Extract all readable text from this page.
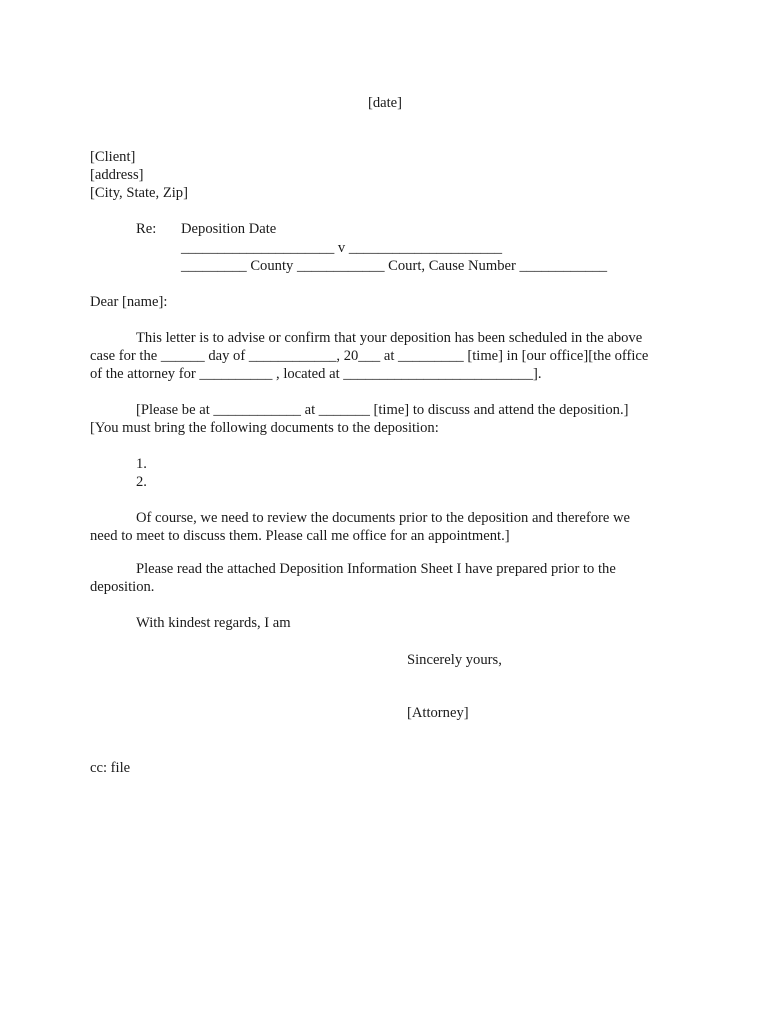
[date]
[Client]
[address]
[City, State, Zip]
Re: Deposition Date
_____________________ v _____________________
_________ County ____________ Court, Cause Number ____________
Dear [name]:
This letter is to advise or confirm that your deposition has been scheduled in the above
case for the ______ day of ____________, 20___ at _________ [time] in [our office][the office
of the attorney for __________ , located at __________________________].
[Please be at ____________ at _______ [time] to discuss and attend the deposition.]
[You must bring the following documents to the deposition:
1.
2.
Of course, we need to review the documents prior to the deposition and therefore we
need to meet to discuss them. Please call me office for an appointment.]
Please read the attached Deposition Information Sheet I have prepared prior to the
deposition.
With kindest regards, I am
Sincerely yours,
[Attorney]
cc: file
